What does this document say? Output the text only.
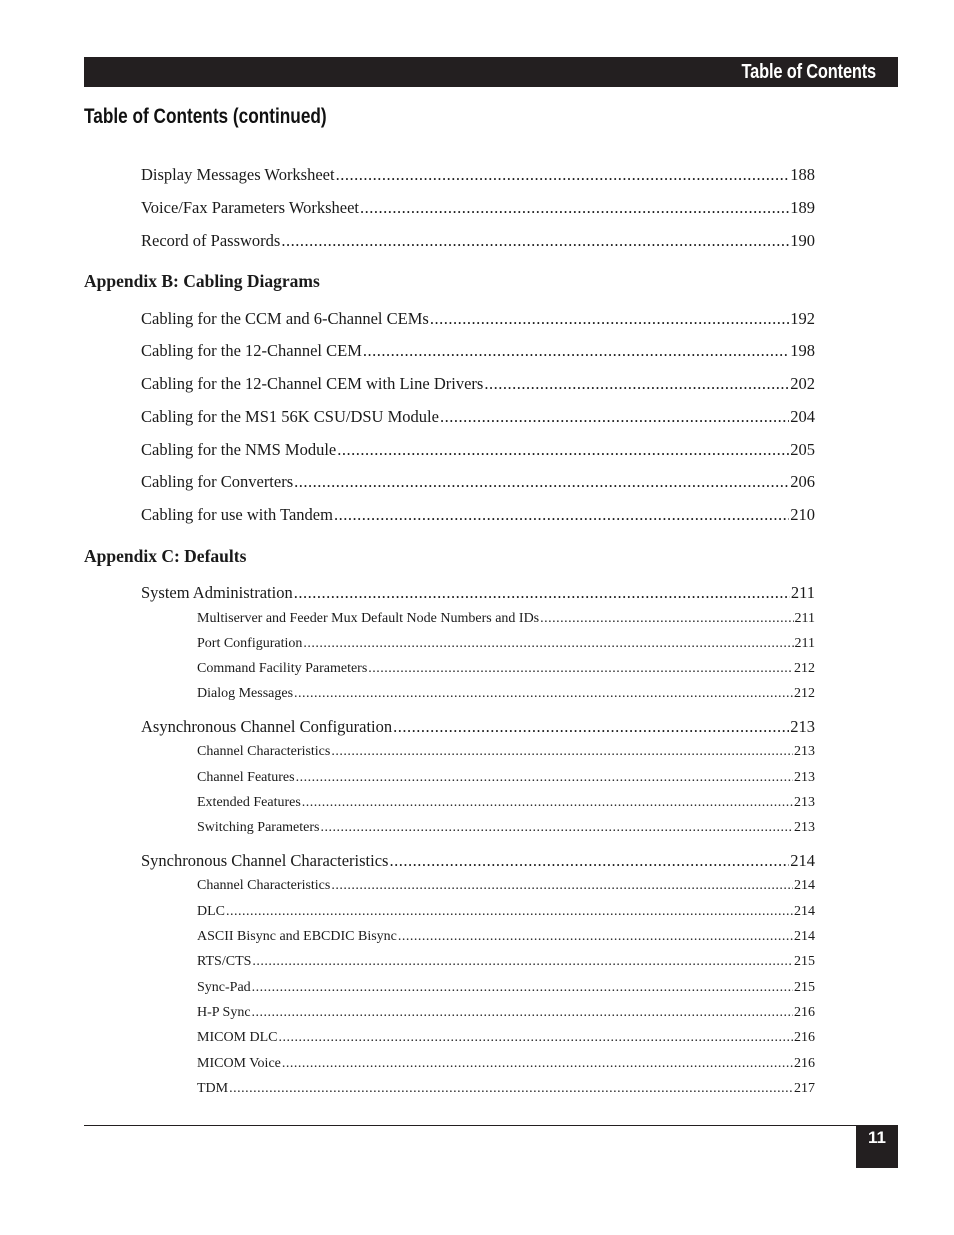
Table of Contents
Table of Contents (continued)
Display Messages Worksheet .....	188
Voice/Fax Parameters Worksheet .....	189
Record of Passwords .....	190
Appendix B: Cabling Diagrams
Cabling for the CCM and 6-Channel CEMs .....	192
Cabling for the 12-Channel CEM .....	198
Cabling for the 12-Channel CEM with Line Drivers .....	202
Cabling for the MS1 56K CSU/DSU Module .....	204
Cabling for the NMS Module .....	205
Cabling for Converters .....	206
Cabling for use with Tandem .....	210
Appendix C: Defaults
System Administration .....	211
Multiserver and Feeder Mux Default Node Numbers and IDs .....	211
Port Configuration .....	211
Command Facility Parameters .....	212
Dialog Messages .....	212
Asynchronous Channel Configuration .....	213
Channel Characteristics .....	213
Channel Features .....	213
Extended Features .....	213
Switching Parameters .....	213
Synchronous Channel Characteristics .....	214
Channel Characteristics .....	214
DLC .....	214
ASCII Bisync and EBCDIC Bisync .....	214
RTS/CTS .....	215
Sync-Pad .....	215
H-P Sync .....	216
MICOM DLC .....	216
MICOM Voice .....	216
TDM .....	217
11
